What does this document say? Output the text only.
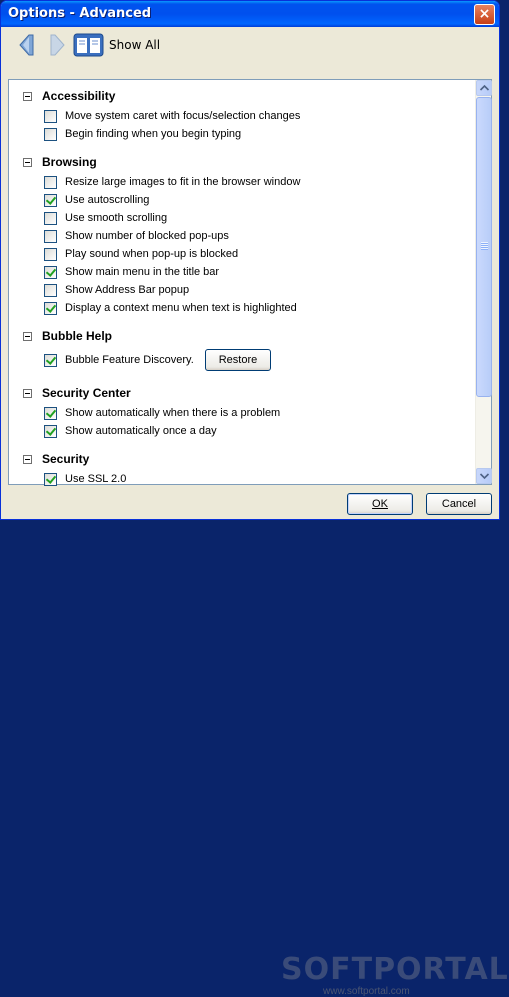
Options - Advanced	×
Show All
Accessibility
Move system caret with focus/selection changes
Begin finding when you begin typing
Browsing
Resize large images to fit in the browser window
Use autoscrolling
Use smooth scrolling
Show number of blocked pop-ups
Play sound when pop-up is blocked
Show main menu in the title bar
Show Address Bar popup
Display a context menu when text is highlighted
Bubble Help
Bubble Feature Discovery.	Restore
Security Center
Show automatically when there is a problem
Show automatically once a day
Security
Use SSL 2.0
SOFTPORTAL
www.softportal.com
OK	Cancel
